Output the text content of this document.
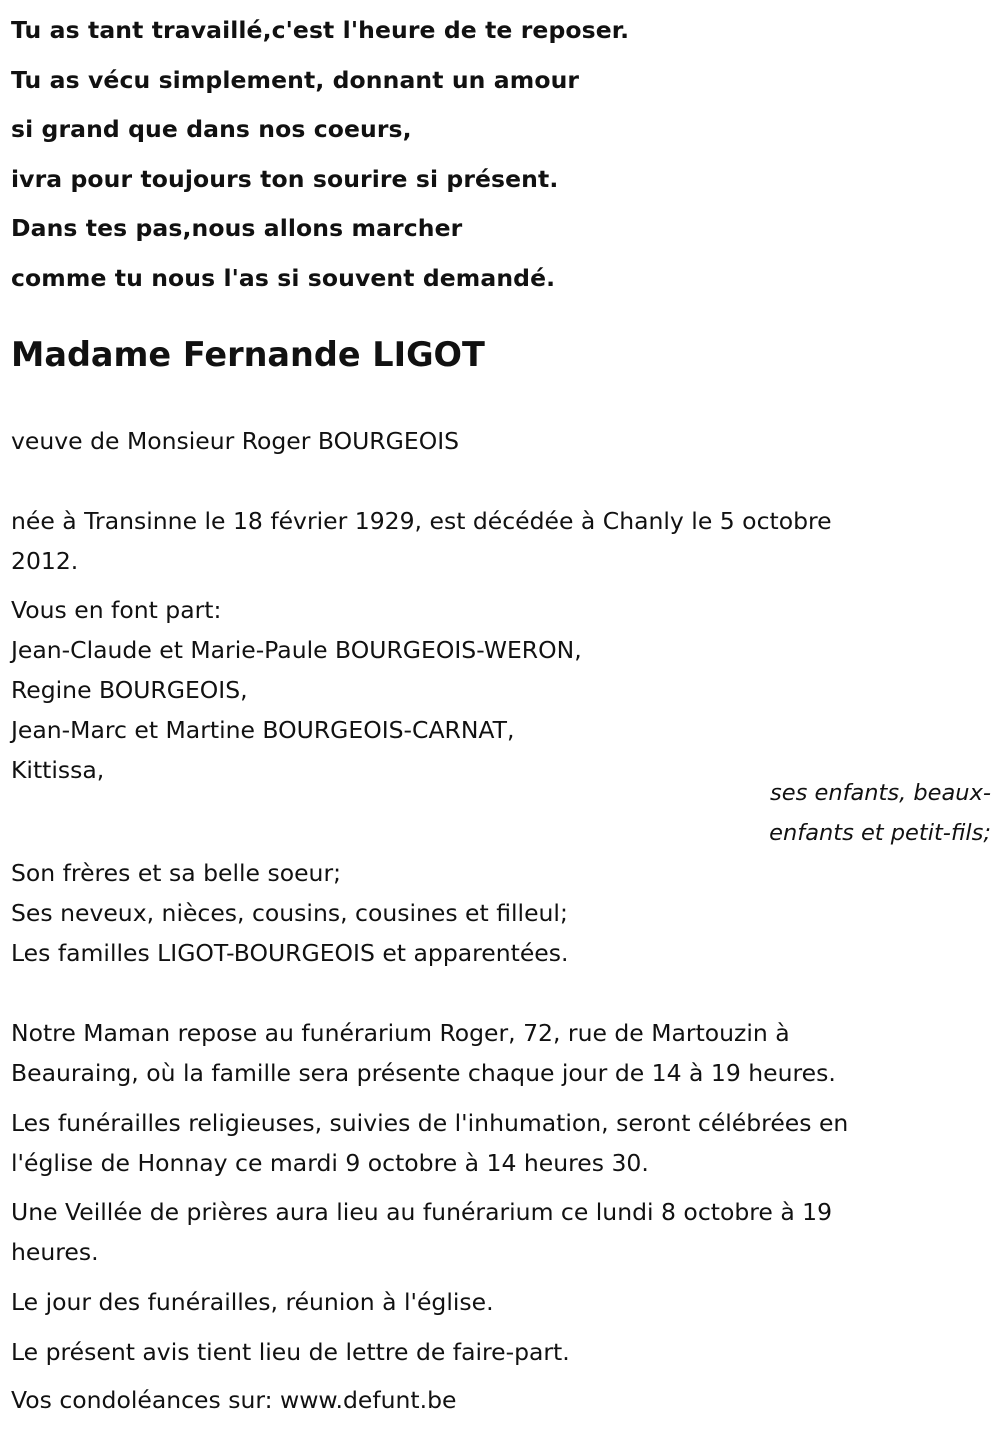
Tu as tant travaillé,c'est l'heure de te reposer.
Tu as vécu simplement, donnant un amour
si grand que dans nos coeurs,
ivra pour toujours ton sourire si présent.
Dans tes pas,nous allons marcher
comme tu nous l'as si souvent demandé.
Madame Fernande LIGOT
veuve de Monsieur Roger BOURGEOIS
née à Transinne le 18 février 1929, est décédée à Chanly le 5 octobre
2012.
Vous en font part:
Jean-Claude et Marie-Paule BOURGEOIS-WERON,
Regine BOURGEOIS,
Jean-Marc et Martine BOURGEOIS-CARNAT,
Kittissa,
ses enfants, beaux-
enfants et petit-fils;
Son frères et sa belle soeur;
Ses neveux, nièces, cousins, cousines et filleul;
Les familles LIGOT-BOURGEOIS et apparentées.
Notre Maman repose au funérarium Roger, 72, rue de Martouzin à
Beauraing, où la famille sera présente chaque jour de 14 à 19 heures.
Les funérailles religieuses, suivies de l'inhumation, seront célébrées en
l'église de Honnay ce mardi 9 octobre à 14 heures 30.
Une Veillée de prières aura lieu au funérarium ce lundi 8 octobre à 19
heures.
Le jour des funérailles, réunion à l'église.
Le présent avis tient lieu de lettre de faire-part.
Vos condoléances sur: www.defunt.be
